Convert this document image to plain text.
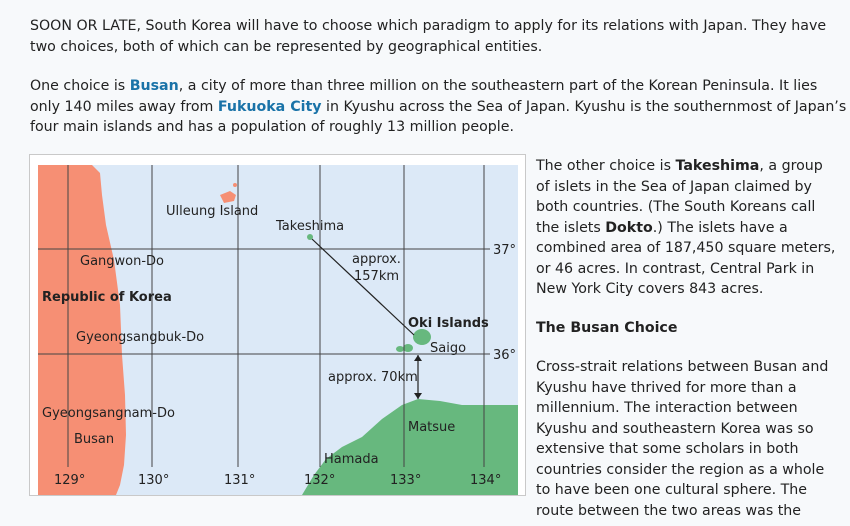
SOON OR LATE, South Korea will have to choose which paradigm to apply for its relations with Japan. They have two choices, both of which can be represented by geographical entities.

One choice is Busan, a city of more than three million on the southeastern part of the Korean Peninsula. It lies only 140 miles away from Fukuoka City in Kyushu across the Sea of Japan. Kyushu is the southernmost of Japan’s four main islands and has a population of roughly 13 million people.

Ulleung Island
Takeshima
Gangwon-Do
Republic of Korea
Gyeongsangbuk-Do
Gyeongsangnam-Do
Busan
Oki Islands
Saigo
Matsue
Hamada
approx.
157km
approx. 70km
37°
36°
129°	130°	131°	132°	133°	134°

The other choice is Takeshima, a group
of islets in the Sea of Japan claimed by
both countries. (The South Koreans call
the islets Dokto.) The islets have a
combined area of 187,450 square meters,
or 46 acres. In contrast, Central Park in
New York City covers 843 acres.

The Busan Choice

Cross-strait relations between Busan and
Kyushu have thrived for more than a
millennium. The interaction between
Kyushu and southeastern Korea was so
extensive that some scholars in both
countries consider the region as a whole
to have been one cultural sphere. The
route between the two areas was the
